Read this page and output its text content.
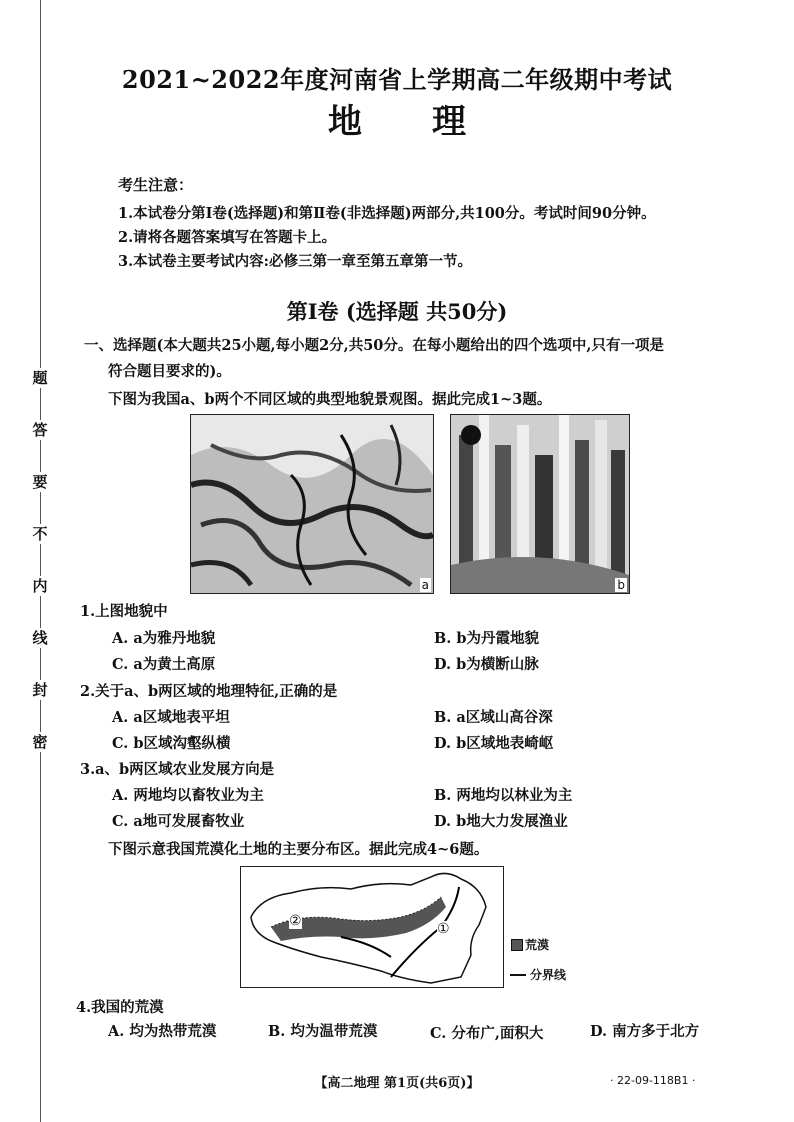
题
答
要
不
内
线
封
密
2021~2022年度河南省上学期高二年级期中考试
地理
考生注意：
1.本试卷分第Ⅰ卷(选择题)和第Ⅱ卷(非选择题)两部分,共100分。考试时间90分钟。
2.请将各题答案填写在答题卡上。
3.本试卷主要考试内容:必修三第一章至第五章第一节。
第Ⅰ卷 (选择题 共50分)
一、选择题(本大题共25小题,每小题2分,共50分。在每小题给出的四个选项中,只有一项是
符合题目要求的)。
下图为我国a、b两个不同区域的典型地貌景观图。据此完成1~3题。
a	b
1.上图地貌中
A. a为雅丹地貌	B. b为丹霞地貌
C. a为黄土高原	D. b为横断山脉
2.关于a、b两区域的地理特征,正确的是
A. a区域地表平坦	B. a区域山高谷深
C. b区域沟壑纵横	D. b区域地表崎岖
3.a、b两区域农业发展方向是
A. 两地均以畜牧业为主	B. 两地均以林业为主
C. a地可发展畜牧业	D. b地大力发展渔业
下图示意我国荒漠化土地的主要分布区。据此完成4~6题。
②	①
荒漠
分界线
4.我国的荒漠
A. 均为热带荒漠	B. 均为温带荒漠	C. 分布广,面积大	D. 南方多于北方
【高二地理 第1页(共6页)】	· 22-09-118B1 ·
